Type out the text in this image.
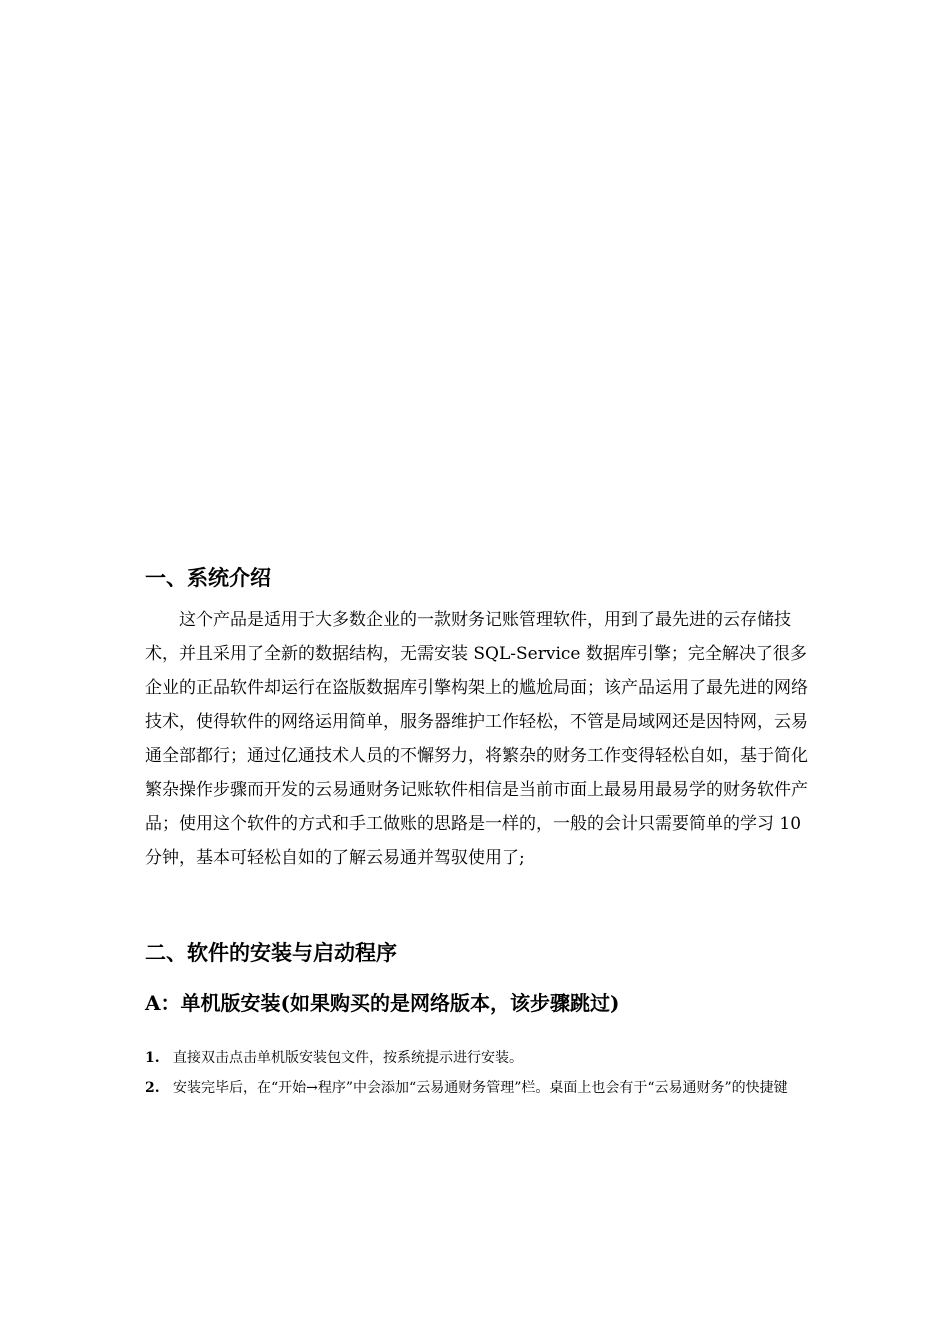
一、系统介绍

这个产品是适用于大多数企业的一款财务记账管理软件，用到了最先进的云存储技术，并且采用了全新的数据结构，无需安装 SQL-Service 数据库引擎；完全解决了很多企业的正品软件却运行在盗版数据库引擎构架上的尴尬局面；该产品运用了最先进的网络技术，使得软件的网络运用简单，服务器维护工作轻松，不管是局域网还是因特网，云易通全部都行；通过亿通技术人员的不懈努力，将繁杂的财务工作变得轻松自如，基于简化繁杂操作步骤而开发的云易通财务记账软件相信是当前市面上最易用最易学的财务软件产品；使用这个软件的方式和手工做账的思路是一样的，一般的会计只需要简单的学习 10 分钟，基本可轻松自如的了解云易通并驾驭使用了;

二、软件的安装与启动程序
A：单机版安装(如果购买的是网络版本，该步骤跳过)
1. 直接双击点击单机版安装包文件，按系统提示进行安装。
2. 安装完毕后，在“开始→程序”中会添加“云易通财务管理”栏。桌面上也会有于“云易通财务”的快捷键
